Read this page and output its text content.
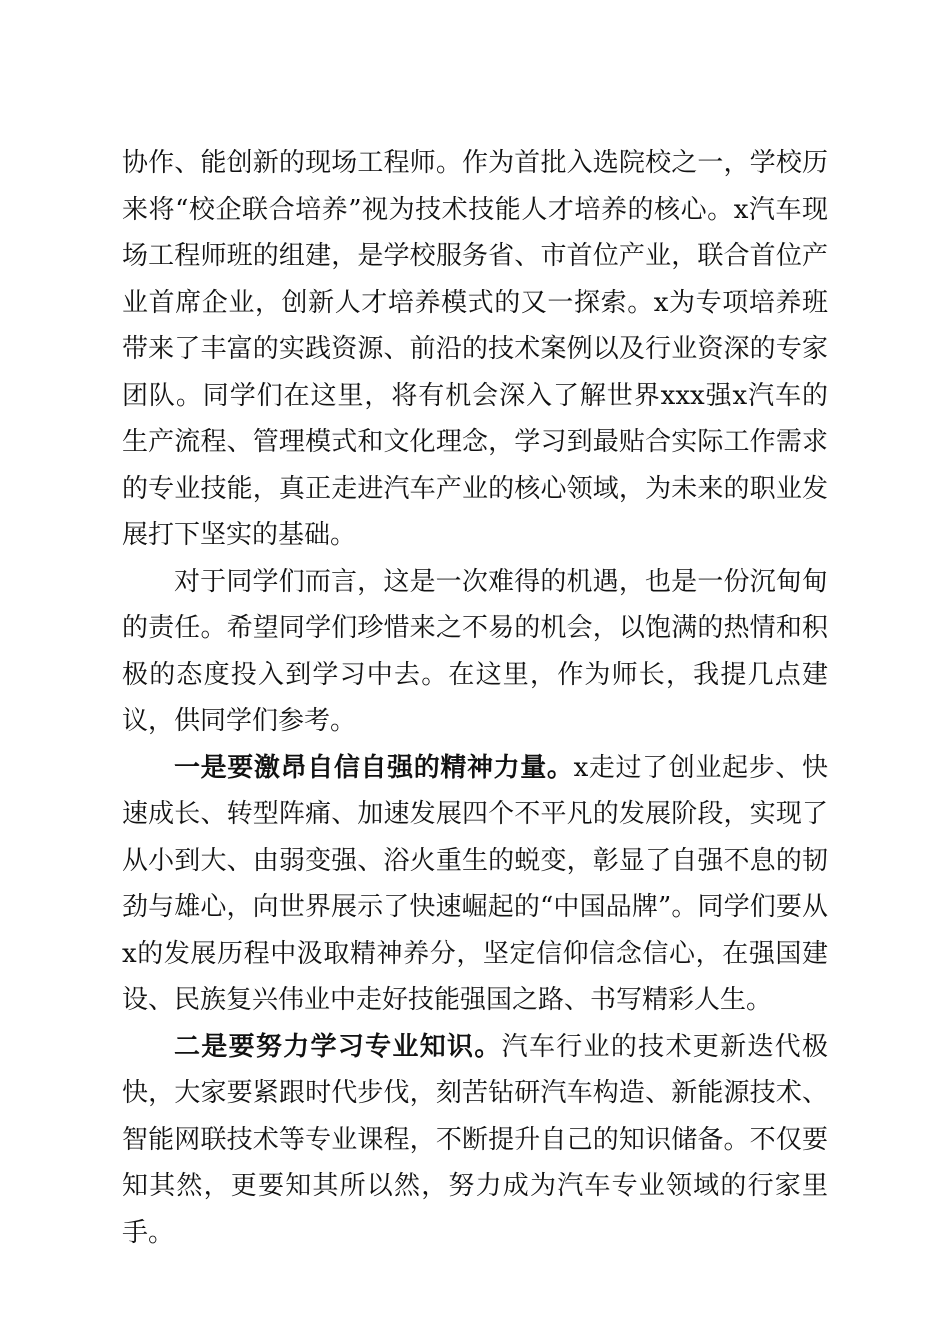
协作、能创新的现场工程师。作为首批入选院校之一，学校历来将“校企联合培养”视为技术技能人才培养的核心。x汽车现场工程师班的组建，是学校服务省、市首位产业，联合首位产业首席企业，创新人才培养模式的又一探索。x为专项培养班带来了丰富的实践资源、前沿的技术案例以及行业资深的专家团队。同学们在这里，将有机会深入了解世界xxx强x汽车的生产流程、管理模式和文化理念，学习到最贴合实际工作需求的专业技能，真正走进汽车产业的核心领域，为未来的职业发展打下坚实的基础。

对于同学们而言，这是一次难得的机遇，也是一份沉甸甸的责任。希望同学们珍惜来之不易的机会，以饱满的热情和积极的态度投入到学习中去。在这里，作为师长，我提几点建议，供同学们参考。

一是要激昂自信自强的精神力量。x走过了创业起步、快速成长、转型阵痛、加速发展四个不平凡的发展阶段，实现了从小到大、由弱变强、浴火重生的蜕变，彰显了自强不息的韧劲与雄心，向世界展示了快速崛起的“中国品牌”。同学们要从x的发展历程中汲取精神养分，坚定信仰信念信心，在强国建设、民族复兴伟业中走好技能强国之路、书写精彩人生。

二是要努力学习专业知识。汽车行业的技术更新迭代极快，大家要紧跟时代步伐，刻苦钻研汽车构造、新能源技术、智能网联技术等专业课程，不断提升自己的知识储备。不仅要知其然，更要知其所以然，努力成为汽车专业领域的行家里手。
